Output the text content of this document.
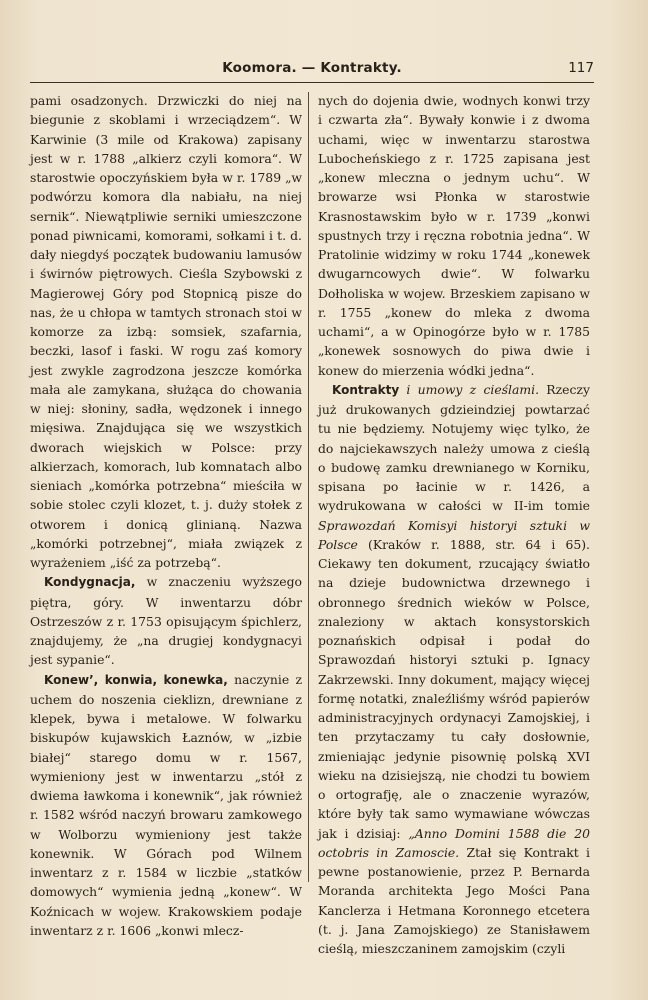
Koomora. — Kontrakty.	117

pami osadzonych. Drzwiczki do niej na biegunie z skoblami i wrzeciądzem“. W Karwinie (3 mile od Krakowa) zapisany jest w r. 1788 „alkierz czyli komora“. W starostwie opoczyńskiem była w r. 1789 „w podwórzu komora dla nabiału, na niej sernik“. Niewątpliwie serniki umieszczone ponad piwnicami, komorami, sołkami i t. d. dały niegdyś początek budowaniu lamusów i świrnów piętrowych. Cieśla Szybowski z Magierowej Góry pod Stopnicą pisze do nas, że u chłopa w tamtych stronach stoi w komorze za izbą: somsiek, szafarnia, beczki, lasof i faski. W rogu zaś komory jest zwykle zagrodzona jeszcze komórka mała ale zamykana, służąca do chowania w niej: słoniny, sadła, wędzonek i innego mięsiwa. Znajdująca się we wszystkich dworach wiejskich w Polsce: przy alkierzach, komorach, lub komnatach albo sieniach „komórka potrzebna“ mieściła w sobie stolec czyli klozet, t. j. duży stołek z otworem i donicą glinianą. Nazwa „komórki potrzebnej“, miała związek z wyrażeniem „iść za potrzebą“.

Kondygnacja, w znaczeniu wyższego piętra, góry. W inwentarzu dóbr Ostrzeszów z r. 1753 opisującym śpichlerz, znajdujemy, że „na drugiej kondygnacyi jest sypanie“.

Konew’, konwia, konewka, naczynie z uchem do noszenia cieklizn, drewniane z klepek, bywa i metalowe. W folwarku biskupów kujawskich Łaznów, w „izbie białej“ starego domu w r. 1567, wymieniony jest w inwentarzu „stół z dwiema ławkoma i konewnik“, jak również r. 1582 wśród naczyń browaru zamkowego w Wolborzu wymieniony jest także konewnik. W Górach pod Wilnem inwentarz z r. 1584 w liczbie „statków domowych“ wymienia jedną „konew“. W Koźnicach w wojew. Krakowskiem podaje inwentarz z r. 1606 „konwi mlecz-

nych do dojenia dwie, wodnych konwi trzy i czwarta zła“. Bywały konwie i z dwoma uchami, więc w inwentarzu starostwa Lubocheńskiego z r. 1725 zapisana jest „konew mleczna o jednym uchu“. W browarze wsi Płonka w starostwie Krasnostawskim było w r. 1739 „konwi spustnych trzy i ręczna robotnia jedna“. W Pratolinie widzimy w roku 1744 „konewek dwugarncowych dwie“. W folwarku Dołholiska w wojew. Brzeskiem zapisano w r. 1755 „konew do mleka z dwoma uchami“, a w Opinogórze było w r. 1785 „konewek sosnowych do piwa dwie i konew do mierzenia wódki jedna“.

Kontrakty i umowy z cieślami. Rzeczy już drukowanych gdzieindziej powtarzać tu nie będziemy. Notujemy więc tylko, że do najciekawszych należy umowa z cieślą o budowę zamku drewnianego w Korniku, spisana po łacinie w r. 1426, a wydrukowana w całości w II-im tomie Sprawozdań Komisyi historyi sztuki w Polsce (Kraków r. 1888, str. 64 i 65). Ciekawy ten dokument, rzucający światło na dzieje budownictwa drzewnego i obronnego średnich wieków w Polsce, znaleziony w aktach konsystorskich poznańskich odpisał i podał do Sprawozdań historyi sztuki p. Ignacy Zakrzewski. Inny dokument, mający więcej formę notatki, znaleźliśmy wśród papierów administracyjnych ordynacyi Zamojskiej, i ten przytaczamy tu cały dosłownie, zmieniając jedynie pisownię polską XVI wieku na dzisiejszą, nie chodzi tu bowiem o ortografję, ale o znaczenie wyrazów, które były tak samo wymawiane wówczas jak i dzisiaj: „Anno Domini 1588 die 20 octobris in Zamoscie. Ztał się Kontrakt i pewne postanowienie, przez P. Bernarda Moranda architekta Jego Mości Pana Kanclerza i Hetmana Koronnego etcetera (t. j. Jana Zamojskiego) ze Stanisławem cieślą, mieszczaninem zamojskim (czyli
